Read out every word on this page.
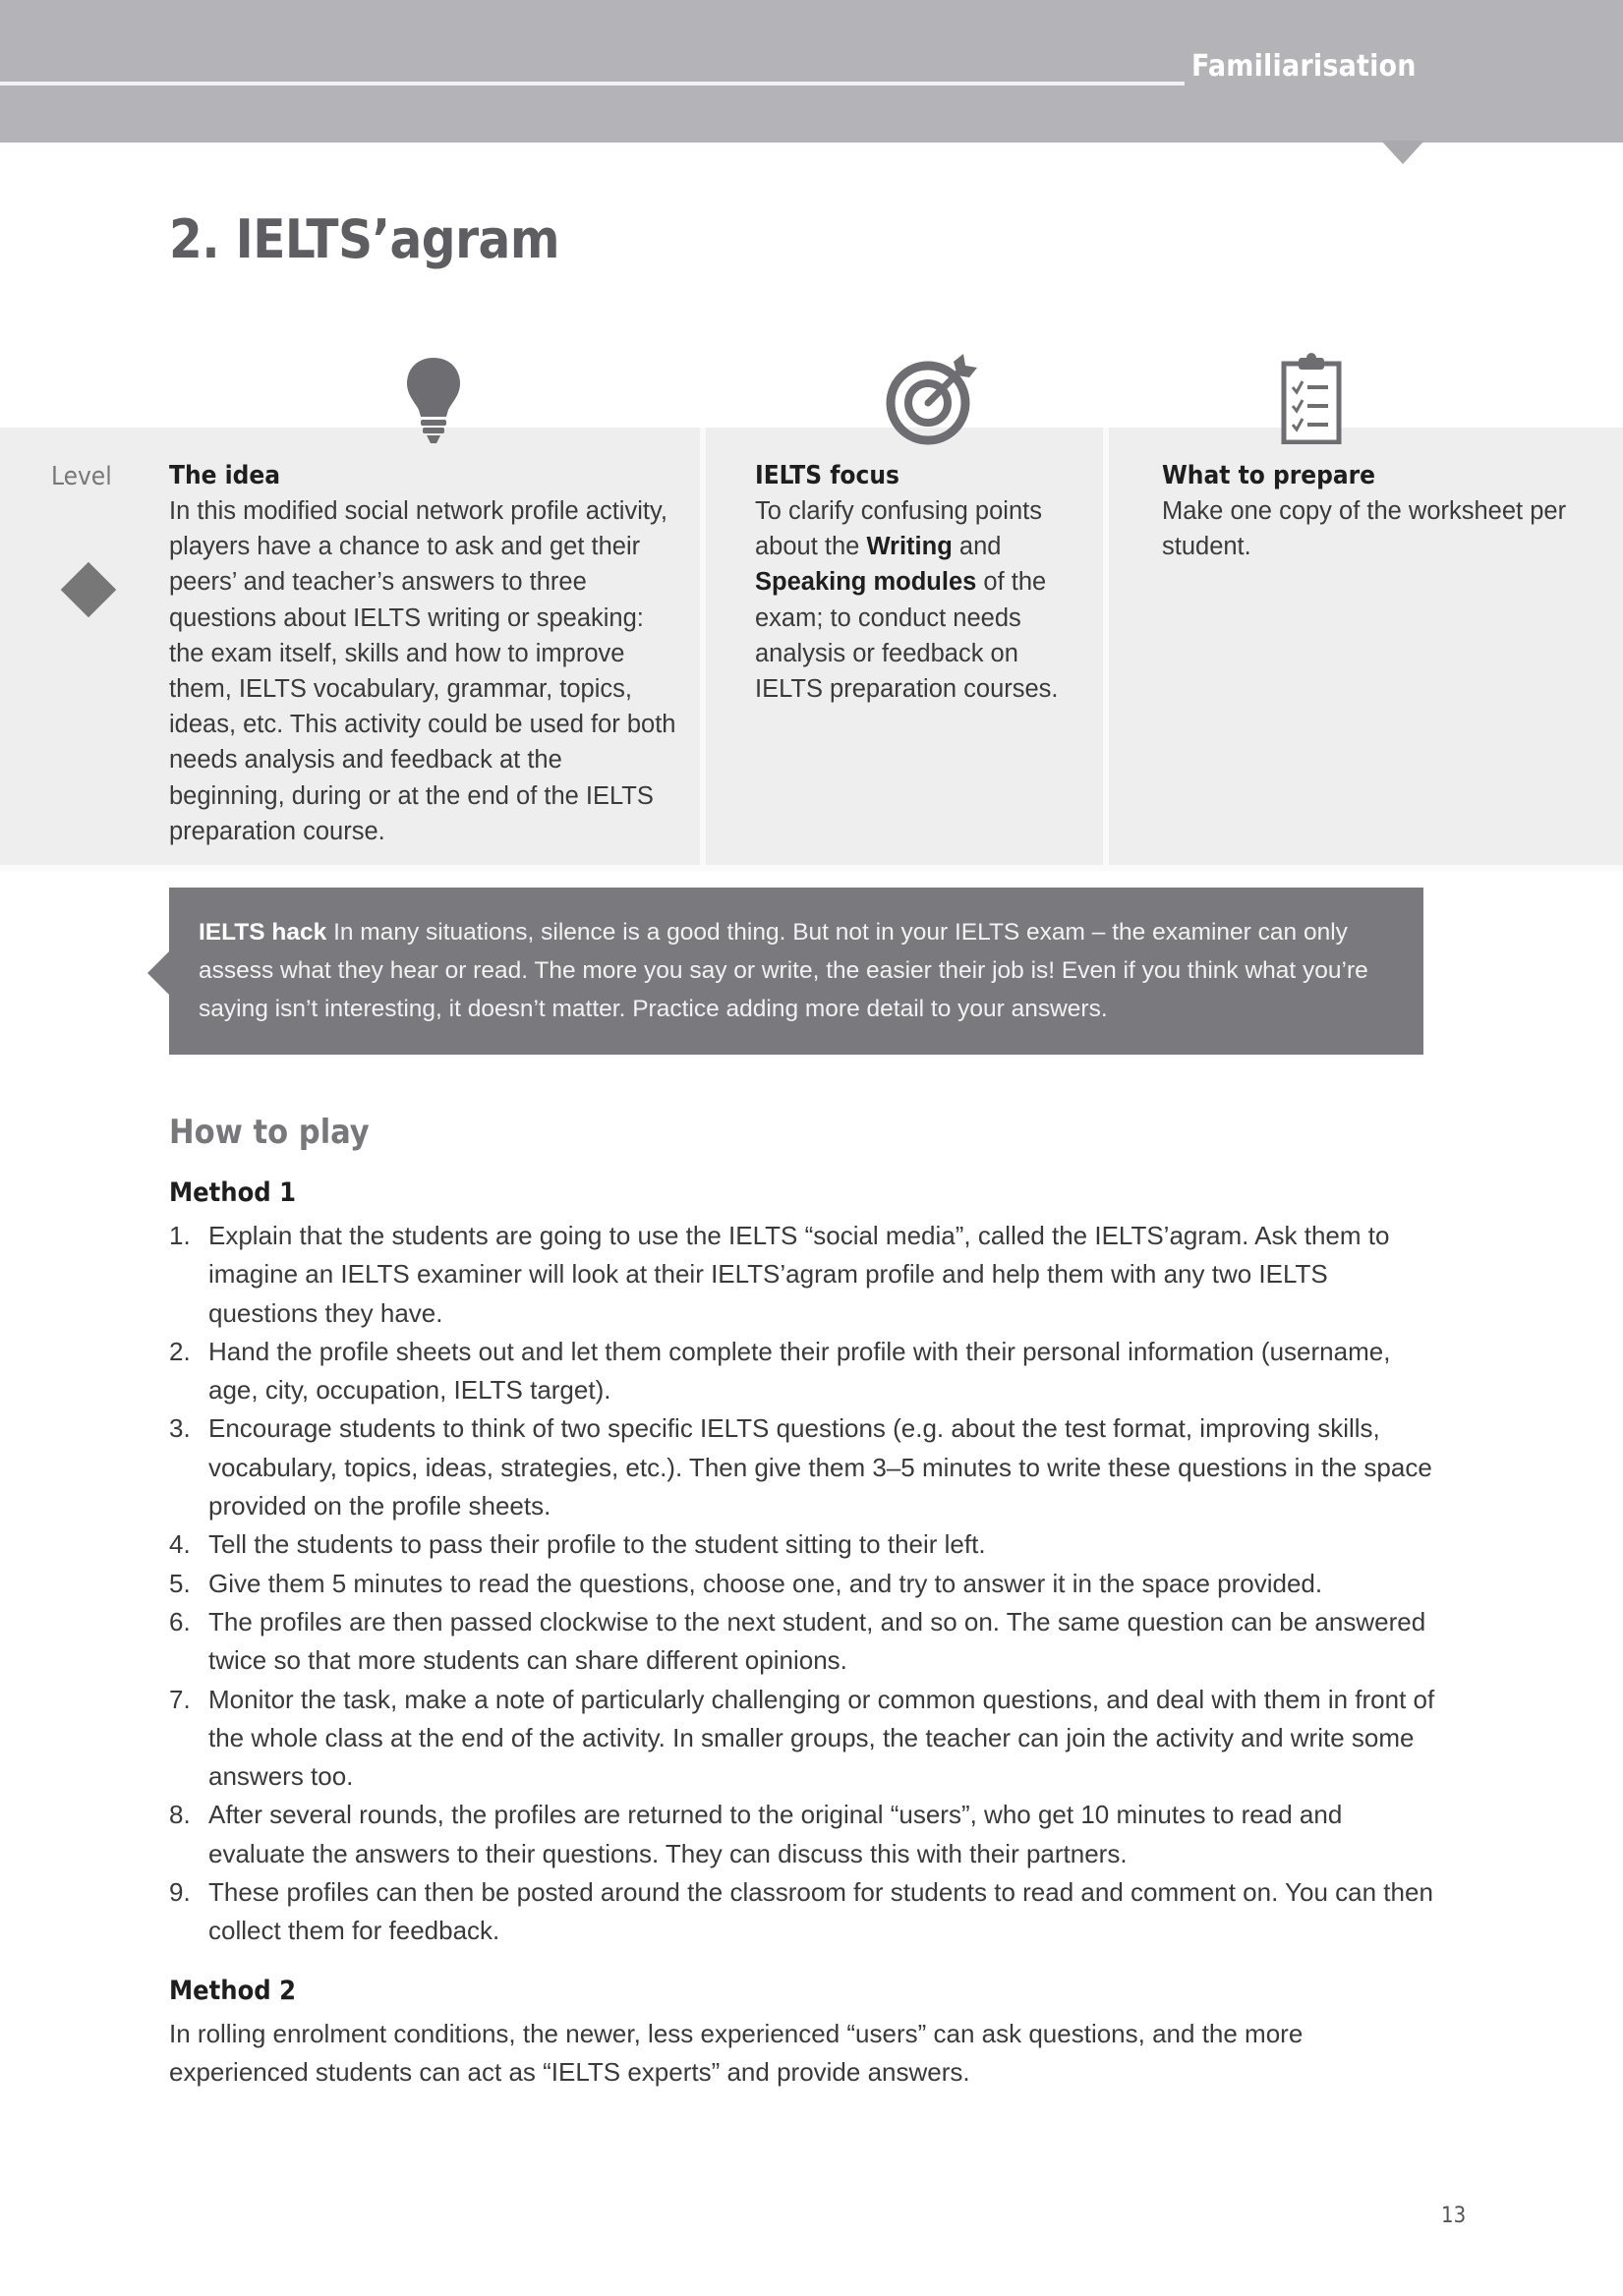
Familiarisation
2. IELTS’agram
Level The idea
In this modified social network profile activity, players have a chance to ask and get their peers’ and teacher’s answers to three questions about IELTS writing or speaking: the exam itself, skills and how to improve them, IELTS vocabulary, grammar, topics, ideas, etc. This activity could be used for both needs analysis and feedback at the beginning, during or at the end of the IELTS preparation course.
IELTS focus
To clarify confusing points about the Writing and Speaking modules of the exam; to conduct needs analysis or feedback on IELTS preparation courses.
What to prepare
Make one copy of the worksheet per student.
IELTS hack In many situations, silence is a good thing. But not in your IELTS exam – the examiner can only assess what they hear or read. The more you say or write, the easier their job is! Even if you think what you’re saying isn’t interesting, it doesn’t matter. Practice adding more detail to your answers.
How to play
Method 1
1. Explain that the students are going to use the IELTS “social media”, called the IELTS’agram. Ask them to imagine an IELTS examiner will look at their IELTS’agram profile and help them with any two IELTS questions they have.
2. Hand the profile sheets out and let them complete their profile with their personal information (username, age, city, occupation, IELTS target).
3. Encourage students to think of two specific IELTS questions (e.g. about the test format, improving skills, vocabulary, topics, ideas, strategies, etc.). Then give them 3–5 minutes to write these questions in the space provided on the profile sheets.
4. Tell the students to pass their profile to the student sitting to their left.
5. Give them 5 minutes to read the questions, choose one, and try to answer it in the space provided.
6. The profiles are then passed clockwise to the next student, and so on. The same question can be answered twice so that more students can share different opinions.
7. Monitor the task, make a note of particularly challenging or common questions, and deal with them in front of the whole class at the end of the activity. In smaller groups, the teacher can join the activity and write some answers too.
8. After several rounds, the profiles are returned to the original “users”, who get 10 minutes to read and evaluate the answers to their questions. They can discuss this with their partners.
9. These profiles can then be posted around the classroom for students to read and comment on. You can then collect them for feedback.
Method 2

In rolling enrolment conditions, the newer, less experienced “users” can ask questions, and the more experienced students can act as “IELTS experts” and provide answers.

13
